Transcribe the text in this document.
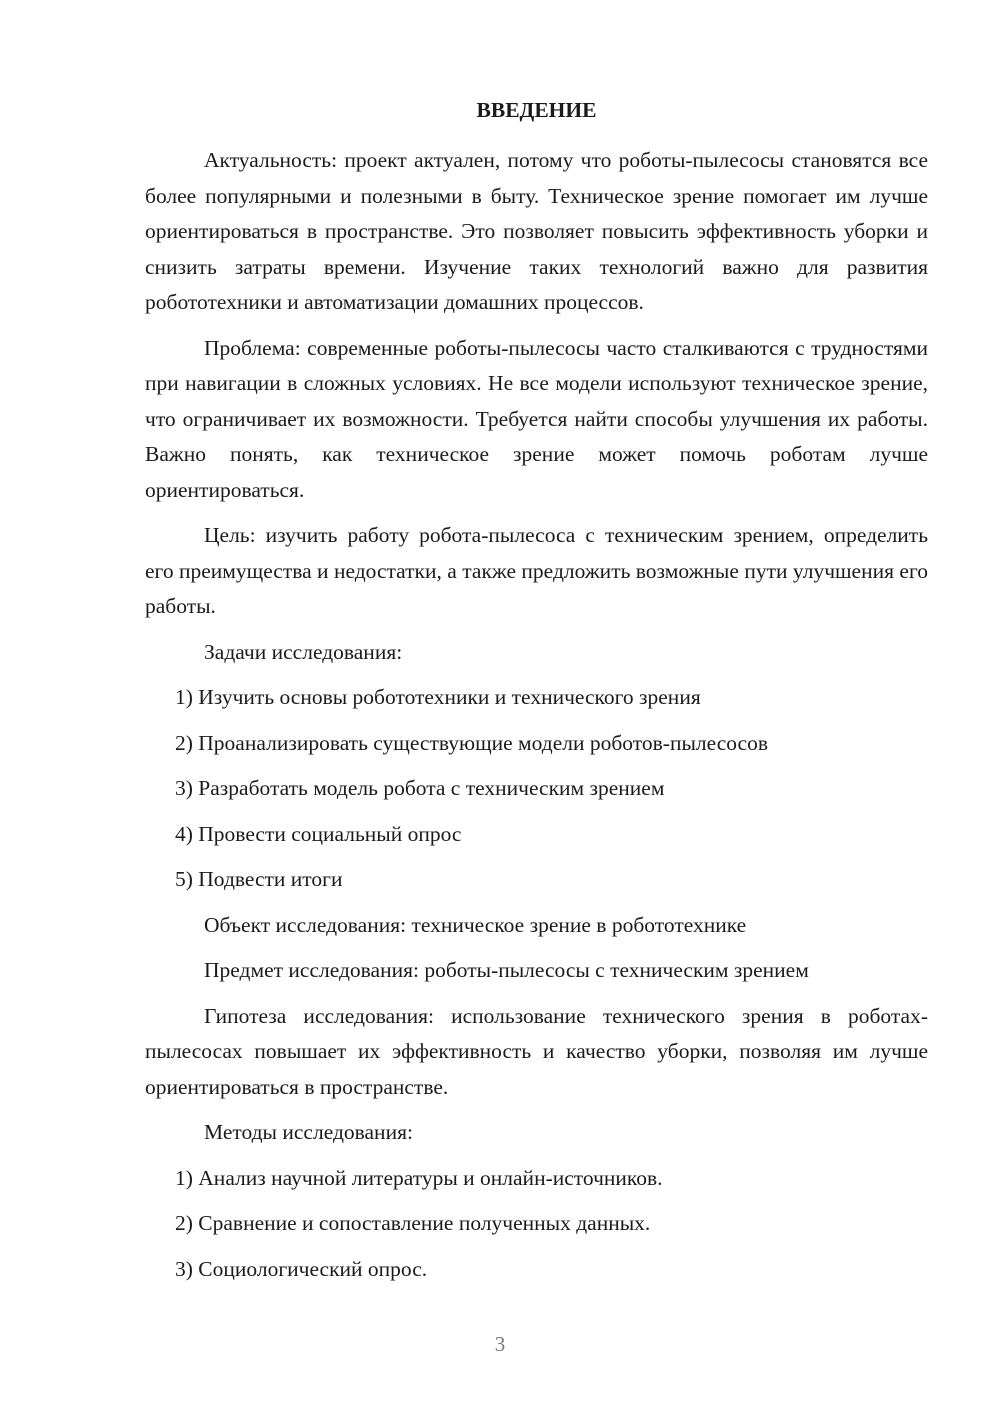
ВВЕДЕНИЕ

Актуальность: проект актуален, потому что роботы-пылесосы становятся все более популярными и полезными в быту. Техническое зрение помогает им лучше ориентироваться в пространстве. Это позволяет повысить эффективность уборки и снизить затраты времени. Изучение таких технологий важно для развития робототехники и автоматизации домашних процессов.

Проблема: современные роботы-пылесосы часто сталкиваются с трудностями при навигации в сложных условиях. Не все модели используют техническое зрение, что ограничивает их возможности. Требуется найти способы улучшения их работы. Важно понять, как техническое зрение может помочь роботам лучше ориентироваться.

Цель: изучить работу робота-пылесоса с техническим зрением, определить его преимущества и недостатки, а также предложить возможные пути улучшения его работы.

Задачи исследования:

1) Изучить основы робототехники и технического зрения

2) Проанализировать существующие модели роботов-пылесосов

3) Разработать модель робота с техническим зрением

4) Провести социальный опрос

5) Подвести итоги

Объект исследования: техническое зрение в робототехнике

Предмет исследования: роботы-пылесосы с техническим зрением

Гипотеза исследования: использование технического зрения в роботах-пылесосах повышает их эффективность и качество уборки, позволяя им лучше ориентироваться в пространстве.

Методы исследования:

1) Анализ научной литературы и онлайн-источников.

2) Сравнение и сопоставление полученных данных.

3) Социологический опрос.

3
